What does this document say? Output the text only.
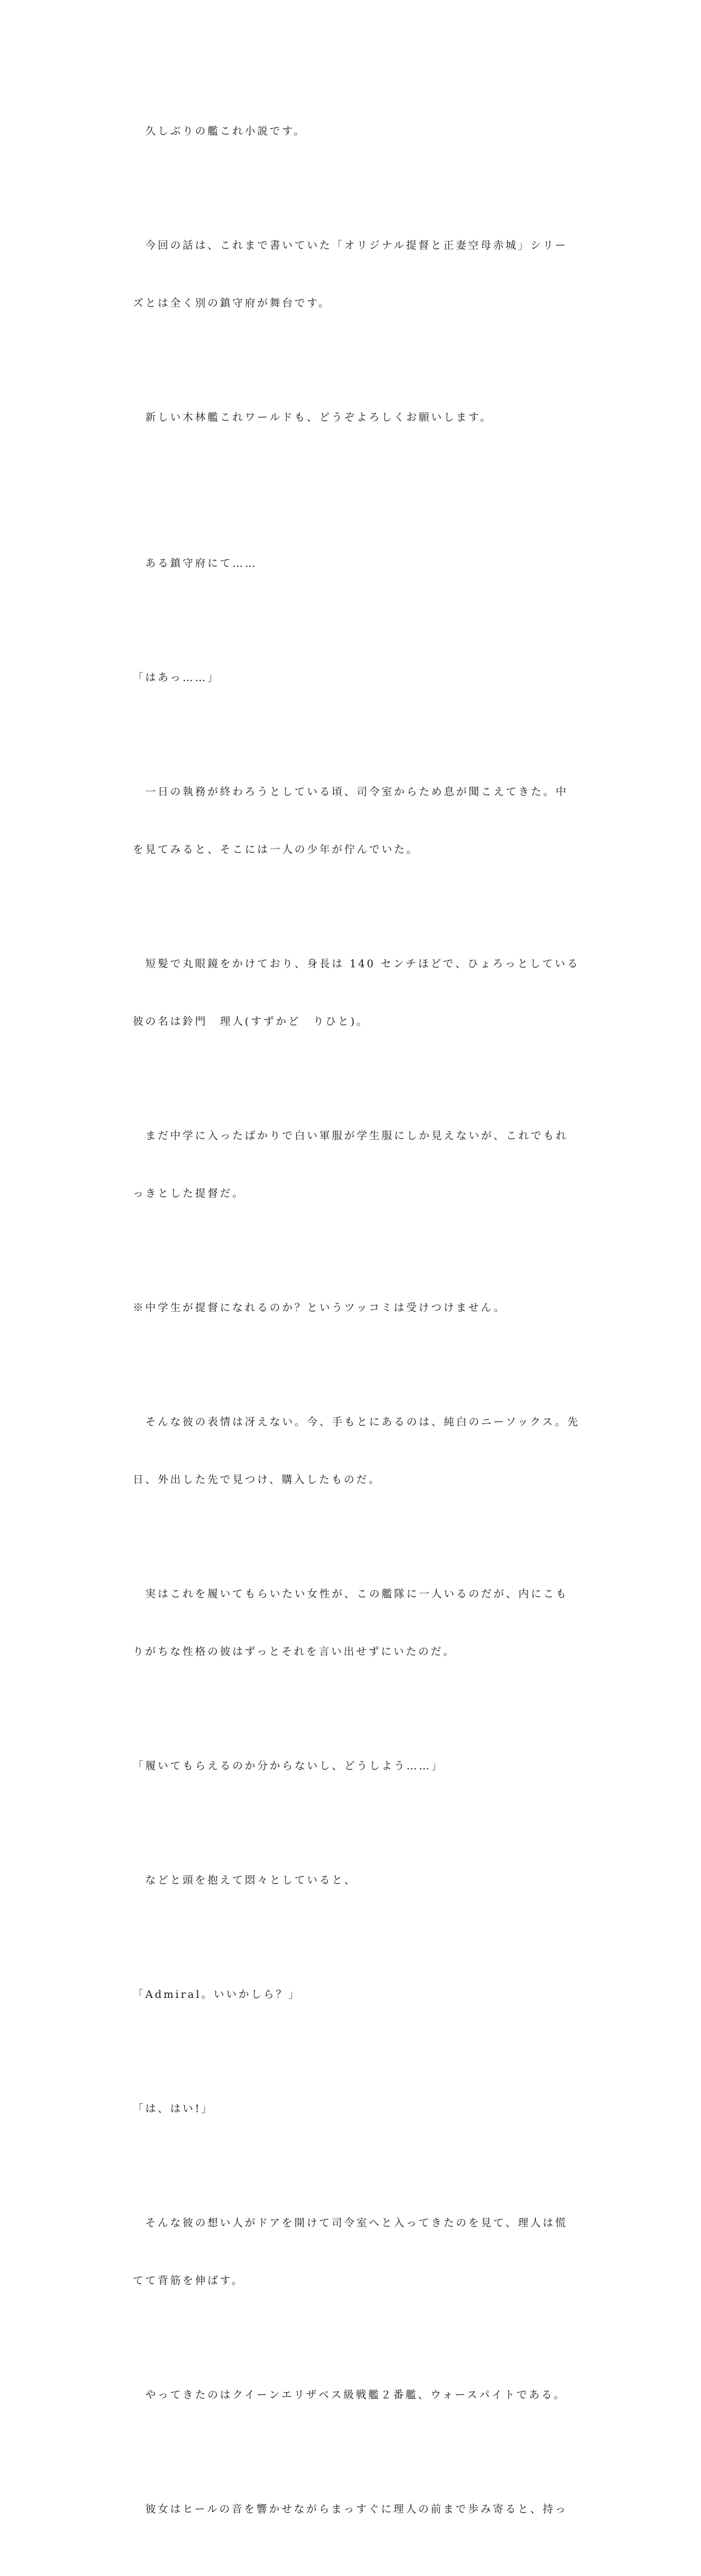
　久しぶりの艦これ小説です。

　今回の話は、これまで書いていた「オリジナル提督と正妻空母赤城」シリー

ズとは全く別の鎮守府が舞台です。

　新しい木林艦これワールドも、どうぞよろしくお願いします。

　ある鎮守府にて……

「はあっ……」

　一日の執務が終わろうとしている頃、司令室からため息が聞こえてきた。中

を見てみると、そこには一人の少年が佇んでいた。

　短髪で丸眼鏡をかけており、身長は 140 センチほどで、ひょろっとしている

彼の名は鈴門　理人(すずかど　りひと)。

　まだ中学に入ったばかりで白い軍服が学生服にしか見えないが、これでもれ

っきとした提督だ。

※中学生が提督になれるのか？というツッコミは受けつけません。

　そんな彼の表情は冴えない。今、手もとにあるのは、純白のニーソックス。先

日、外出した先で見つけ、購入したものだ。

　実はこれを履いてもらいたい女性が、この艦隊に一人いるのだが、内にこも

りがちな性格の彼はずっとそれを言い出せずにいたのだ。

「履いてもらえるのか分からないし、どうしよう……」

　などと頭を抱えて悶々としていると、

「Admiral。いいかしら？」

「は、はい!」

　そんな彼の想い人がドアを開けて司令室へと入ってきたのを見て、理人は慌

てて背筋を伸ばす。

　やってきたのはクイーンエリザベス級戦艦２番艦、ウォースパイトである。

　彼女はヒールの音を響かせながらまっすぐに理人の前まで歩み寄ると、持っ
